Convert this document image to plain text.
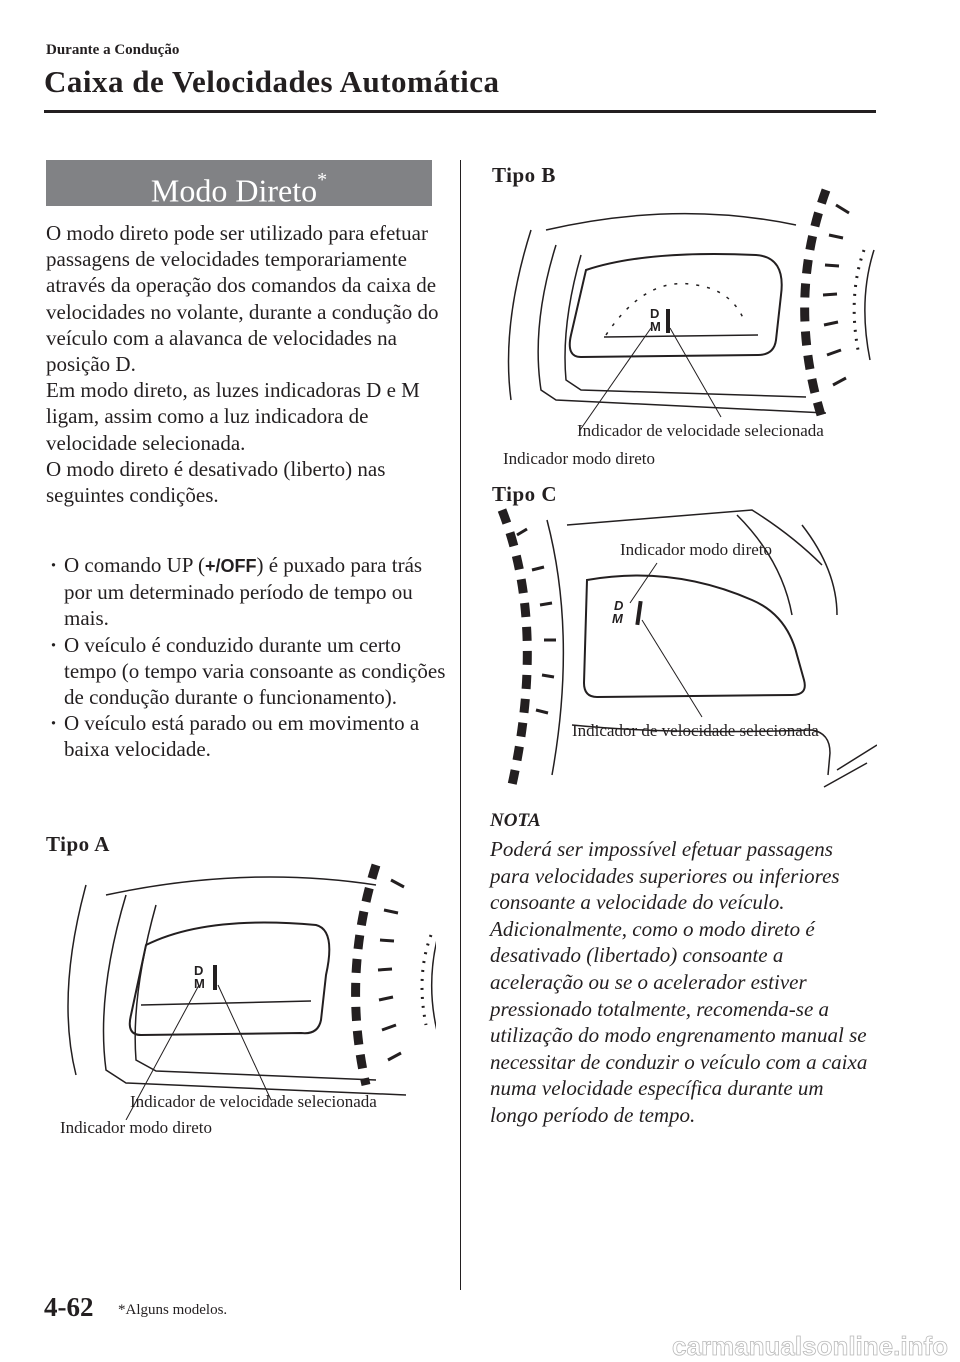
Durante a Condução
Caixa de Velocidades Automática
Modo Direto*

O modo direto pode ser utilizado para efetuar passagens de velocidades temporariamente através da operação dos comandos da caixa de velocidades no volante, durante a condução do veículo com a alavanca de velocidades na posição D.

Em modo direto, as luzes indicadoras D e M ligam, assim como a luz indicadora de velocidade selecionada.

O modo direto é desativado (liberto) nas seguintes condições.

· O comando UP (+/OFF) é puxado para trás por um determinado período de tempo ou mais.
· O veículo é conduzido durante um certo tempo (o tempo varia consoante as condições de condução durante o funcionamento).
· O veículo está parado ou em movimento a baixa velocidade.
Tipo A
D
M
Indicador de velocidade selecionada
Indicador modo direto
Tipo B
D
M
Indicador de velocidade selecionada
Indicador modo direto
Tipo C
D
M
Indicador modo direto
Indicador de velocidade selecionada
NOTA
Poderá ser impossível efetuar passagens para velocidades superiores ou inferiores consoante a velocidade do veículo. Adicionalmente, como o modo direto é desativado (libertado) consoante a aceleração ou se o acelerador estiver pressionado totalmente, recomenda-se a utilização do modo engrenamento manual se necessitar de conduzir o veículo com a caixa numa velocidade específica durante um longo período de tempo.
4-62 *Alguns modelos.
carmanualsonline.info
